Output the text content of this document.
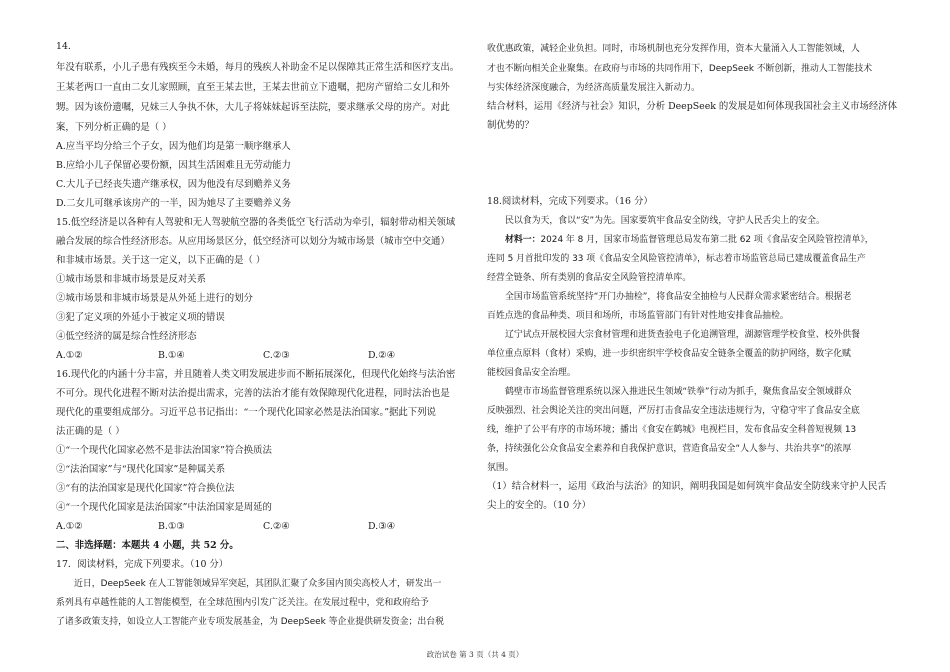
14.
年没有联系，小儿子患有残疾至今未婚，每月的残疾人补助金不足以保障其正常生活和医疗支出。
王某老两口一直由二女儿家照顾，直至王某去世，王某去世前立下遗嘱，把房产留给二女儿和外
甥。因为该份遗嘱，兄妹三人争执不休，大儿子将妹妹起诉至法院，要求继承父母的房产。对此
案，下列分析正确的是（ ）
A.应当平均分给三个子女，因为他们均是第一顺序继承人
B.应给小儿子保留必要份额，因其生活困难且无劳动能力
C.大儿子已经丧失遗产继承权，因为他没有尽到赡养义务
D.二女儿可继承该房产的一半，因为她尽了主要赡养义务
15.低空经济是以各种有人驾驶和无人驾驶航空器的各类低空飞行活动为牵引，辐射带动相关领域
融合发展的综合性经济形态。从应用场景区分，低空经济可以划分为城市场景（城市空中交通）
和非城市场景。关于这一定义，以下正确的是（ ）
①城市场景和非城市场景是反对关系
②城市场景和非城市场景是从外延上进行的划分
③犯了定义项的外延小于被定义项的错误
④低空经济的属是综合性经济形态
A.①②	B.①④	C.②③	D.②④
16.现代化的内涵十分丰富，并且随着人类文明发展进步而不断拓展深化，但现代化始终与法治密
不可分。现代化进程不断对法治提出需求，完善的法治才能有效保障现代化进程，同时法治也是
现代化的重要组成部分。习近平总书记指出：“一个现代化国家必然是法治国家。”据此下列说
法正确的是（ ）
①“一个现代化国家必然不是非法治国家”符合换质法
②“法治国家”与“现代化国家”是种属关系
③“有的法治国家是现代化国家”符合换位法
④“一个现代化国家是法治国家”中法治国家是周延的
A.①②	B.①③	C.②④	D.③④
二、非选择题：本题共 4 小题，共 52 分。
17．阅读材料，完成下列要求。（10 分）
近日，DeepSeek 在人工智能领域异军突起，其团队汇聚了众多国内顶尖高校人才，研发出一
系列具有卓越性能的人工智能模型，在全球范围内引发广泛关注。在发展过程中，党和政府给予
了诸多政策支持，如设立人工智能产业专项发展基金，为 DeepSeek 等企业提供研发资金；出台税
收优惠政策，减轻企业负担。同时，市场机制也充分发挥作用，资本大量涌入人工智能领域，人
才也不断向相关企业聚集。在政府与市场的共同作用下，DeepSeek 不断创新，推动人工智能技术
与实体经济深度融合，为经济高质量发展注入新动力。
结合材料，运用《经济与社会》知识，分析 DeepSeek 的发展是如何体现我国社会主义市场经济体
制优势的？
18.阅读材料，完成下列要求。（16 分）
民以食为天，食以“安”为先。国家要筑牢食品安全防线，守护人民舌尖上的安全。
材料一：2024 年 8 月，国家市场监督管理总局发布第二批 62 项《食品安全风险管控清单》，
连同 5 月首批印发的 33 项《食品安全风险管控清单》，标志着市场监管总局已建成覆盖食品生产
经营全链条、所有类别的食品安全风险管控清单库。
全国市场监管系统坚持“开门办抽检”，将食品安全抽检与人民群众需求紧密结合。根据老
百姓点选的食品种类、项目和场所，市场监管部门有针对性地安排食品抽检。
辽宁试点开展校园大宗食材管理和进货查验电子化追溯管理，湖源管理学校食堂、校外供餐
单位重点原料（食材）采购，进一步织密织牢学校食品安全链条全覆盖的防护网络，数字化赋
能校园食品安全治理。
鹤壁市市场监督管理系统以深入推进民生领域“铁拳”行动为抓手，聚焦食品安全领域群众
反映强烈、社会舆论关注的突出问题，严厉打击食品安全违法违规行为，守稳守牢了食品安全底
线，维护了公平有序的市场环境；播出《食安在鹤城》电视栏目，发布食品安全科普短视频 13
条，持续强化公众食品安全素养和自我保护意识，营造食品安全“人人参与、共治共享”的浓厚
氛围。
（1）结合材料一，运用《政治与法治》的知识，阐明我国是如何筑牢食品安全防线来守护人民舌
尖上的安全的。（10 分）
政治试卷 第 3 页（共 4 页）
